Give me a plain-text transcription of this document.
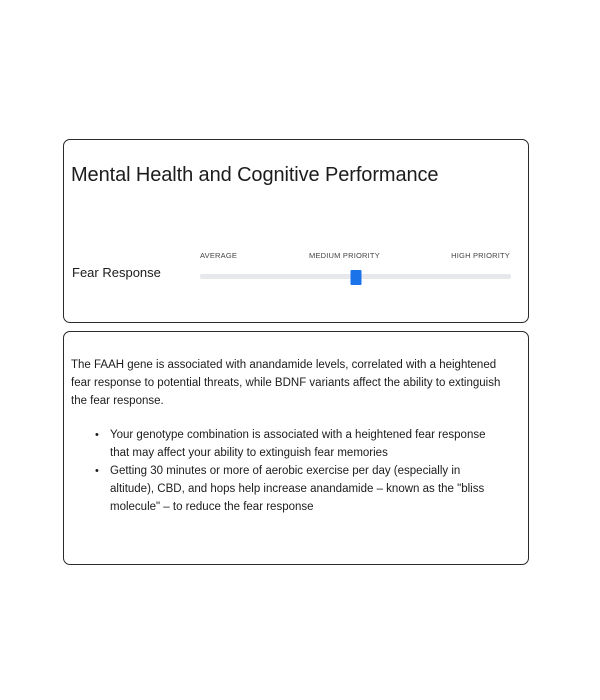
Mental Health and Cognitive Performance
AVERAGE	MEDIUM PRIORITY	HIGH PRIORITY
Fear Response

The FAAH gene is associated with anandamide levels, correlated with a heightened fear response to potential threats, while BDNF variants affect the ability to extinguish the fear response.

• Your genotype combination is associated with a heightened fear response that may affect your ability to extinguish fear memories
• Getting 30 minutes or more of aerobic exercise per day (especially in altitude), CBD, and hops help increase anandamide – known as the "bliss molecule" – to reduce the fear response
